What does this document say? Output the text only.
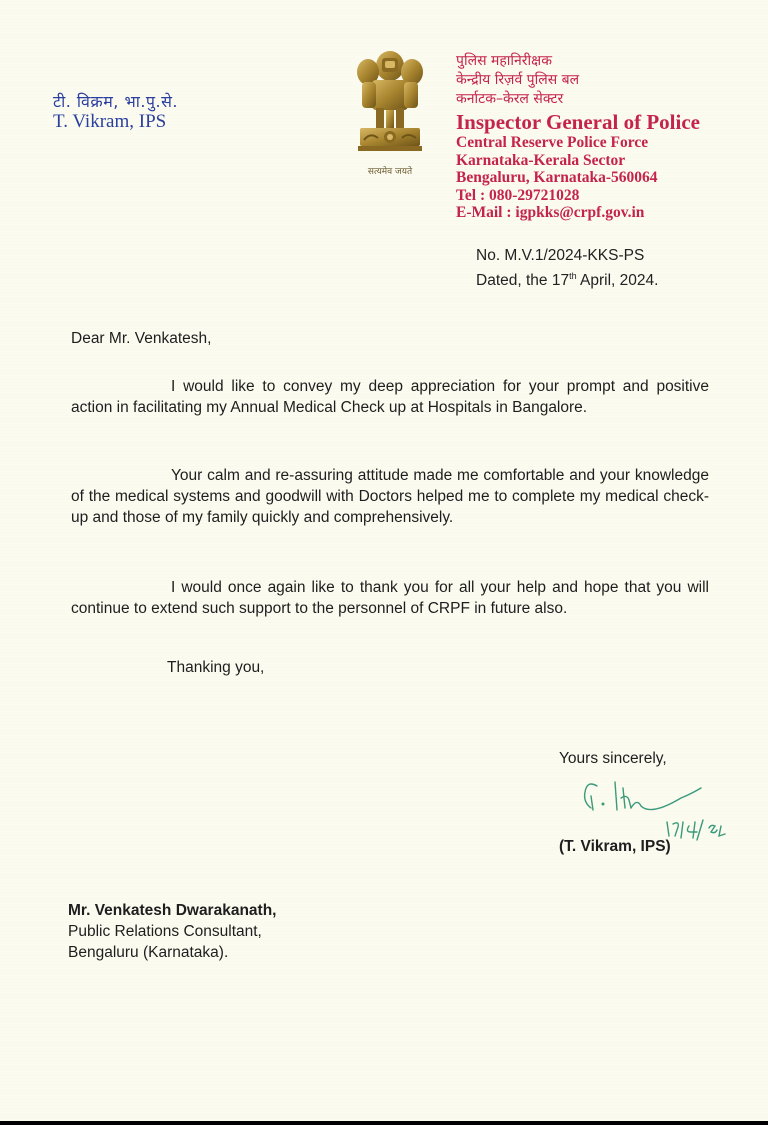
टी. विक्रम, भा.पु.से.
T. Vikram, IPS
सत्यमेव जयते
पुलिस महानिरीक्षक
केन्द्रीय रिज़र्व पुलिस बल
कर्नाटक–केरल सेक्टर
Inspector General of Police
Central Reserve Police Force
Karnataka-Kerala Sector
Bengaluru, Karnataka-560064
Tel : 080-29721028
E-Mail : igpkks@crpf.gov.in
No. M.V.1/2024-KKS-PS
Dated, the 17th April, 2024.
Dear Mr. Venkatesh,
I would like to convey my deep appreciation for your prompt and positive action in facilitating my Annual Medical Check up at Hospitals in Bangalore.
Your calm and re-assuring attitude made me comfortable and your knowledge of the medical systems and goodwill with Doctors helped me to complete my medical check-up and those of my family quickly and comprehensively.
I would once again like to thank you for all your help and hope that you will continue to extend such support to the personnel of CRPF in future also.
Thanking you,
Yours sincerely,
(T. Vikram, IPS)
Mr. Venkatesh Dwarakanath,
Public Relations Consultant,
Bengaluru (Karnataka).
